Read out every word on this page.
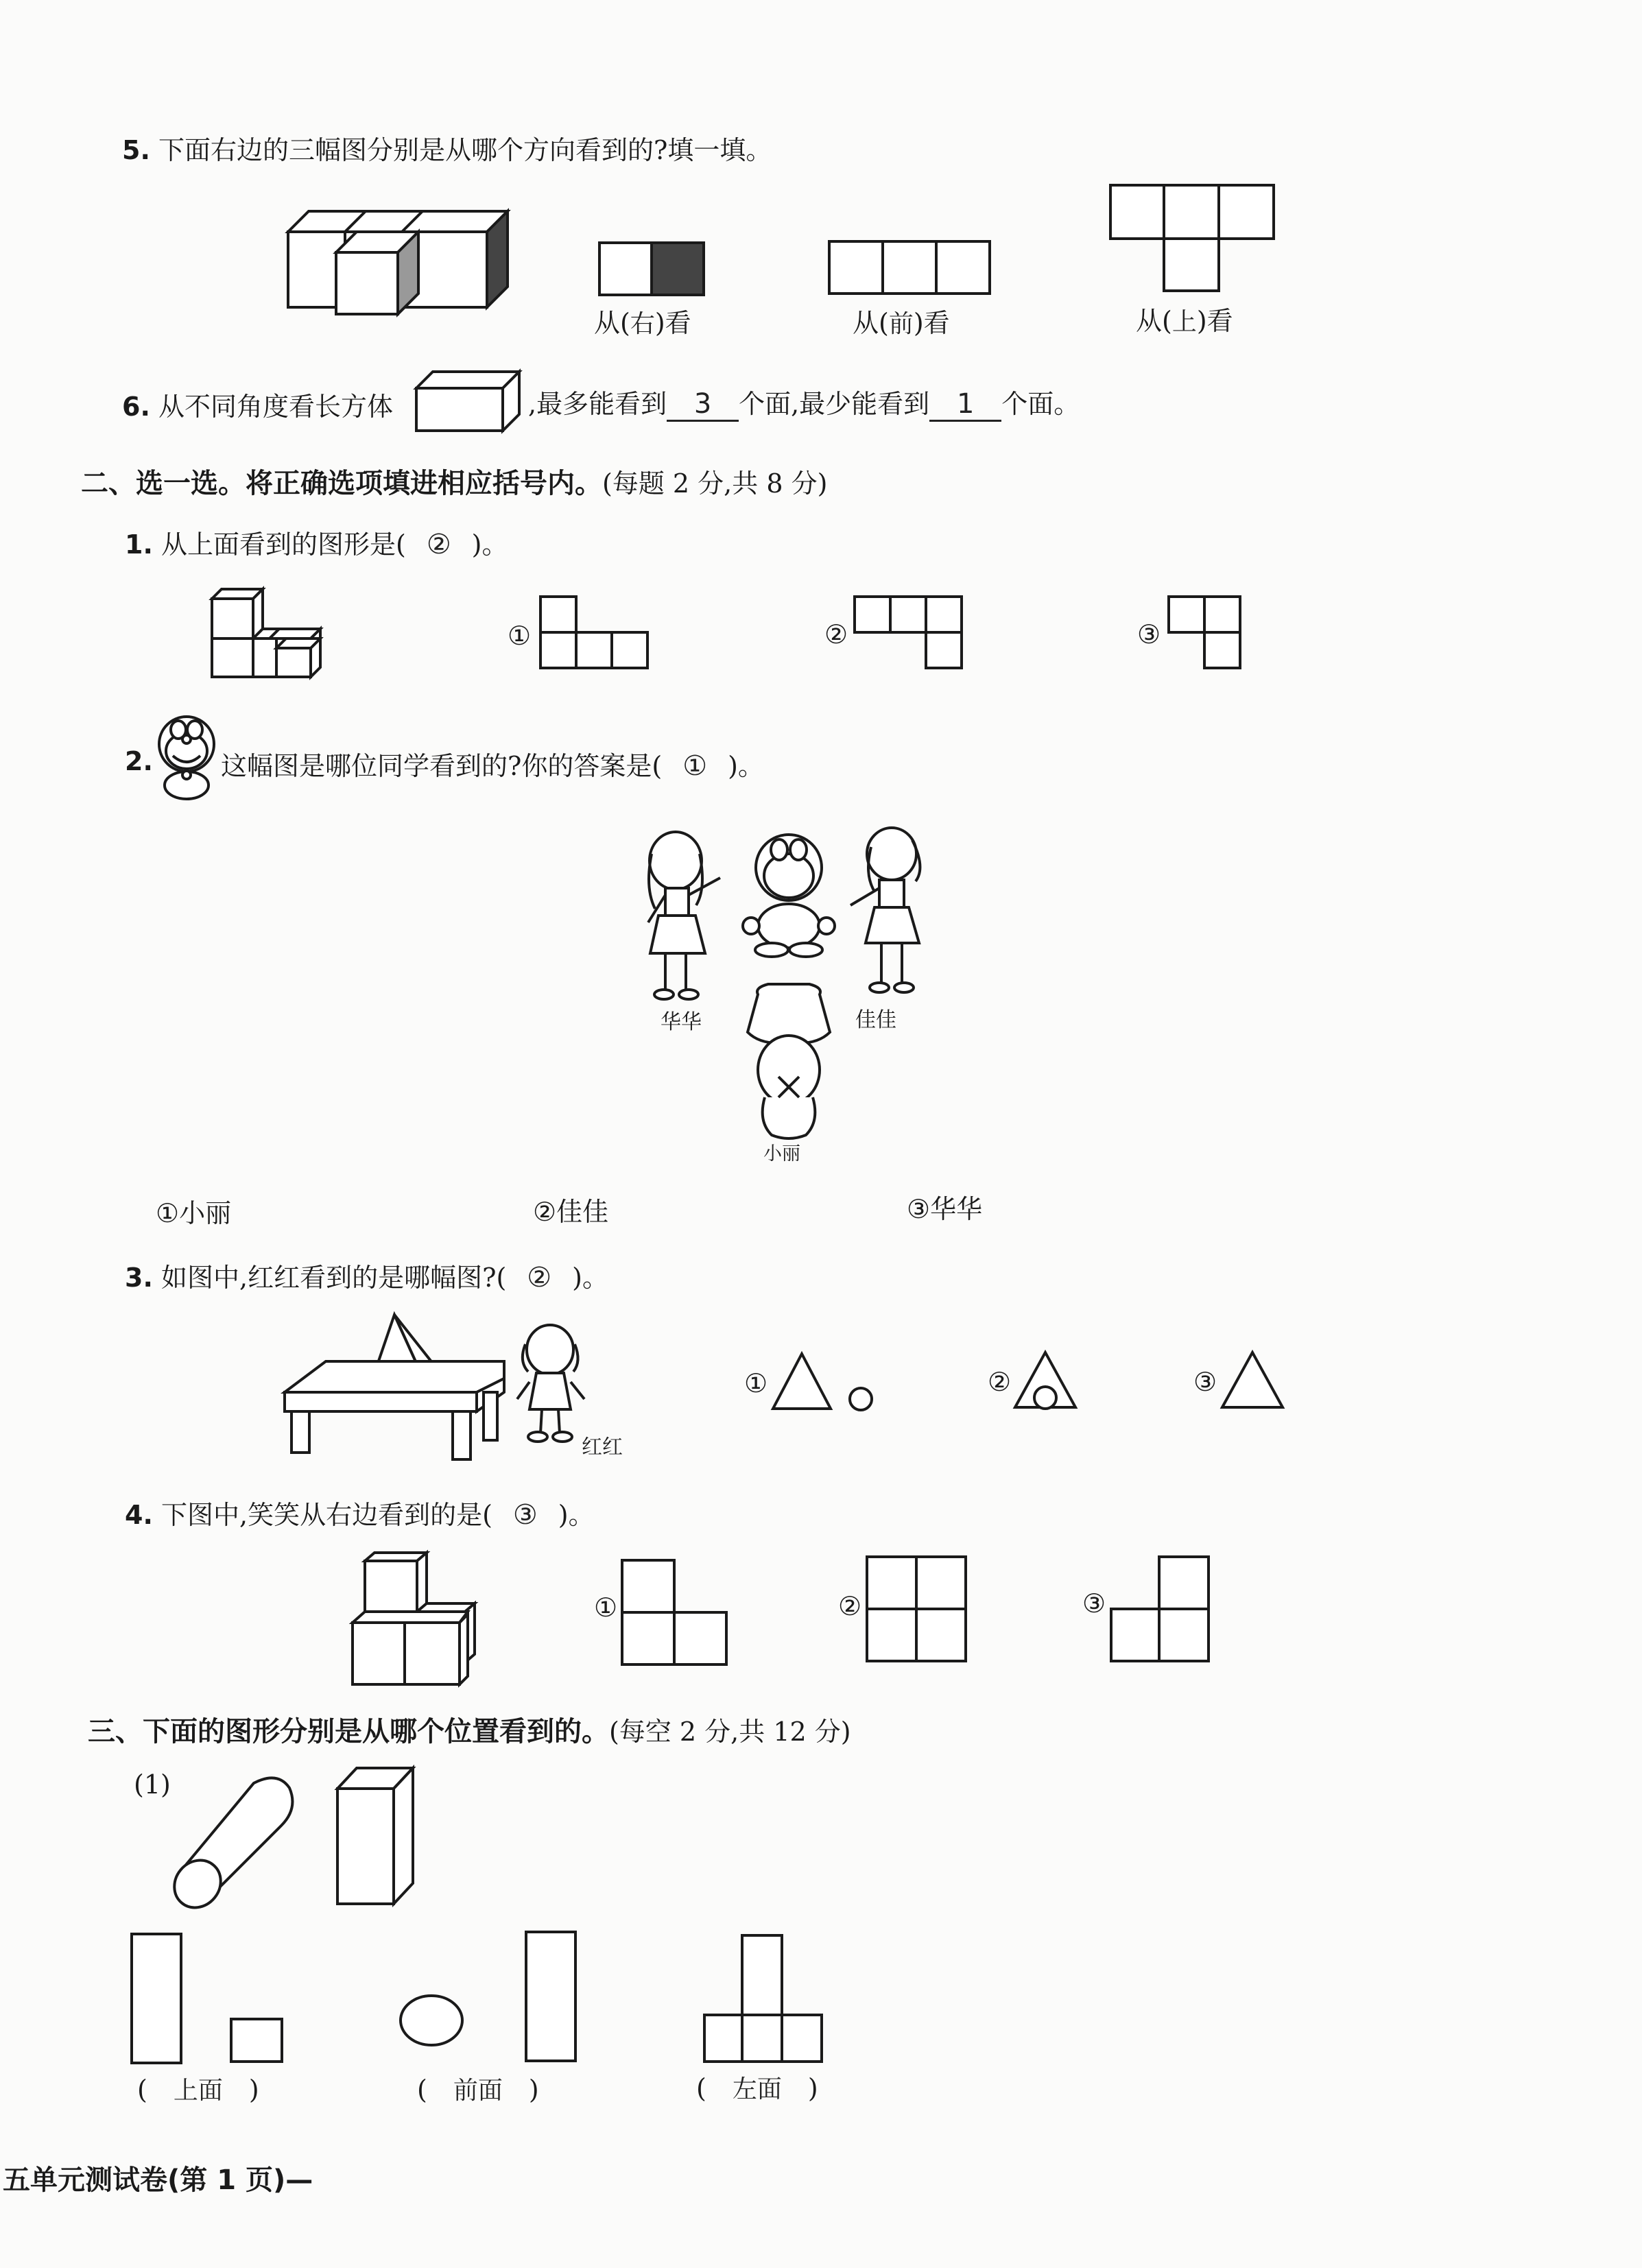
5. 下面右边的三幅图分别是从哪个方向看到的?填一填。
从(右)看	从(前)看	从(上)看
6. 从不同角度看长方体	,最多能看到 3 个面,最少能看到 1 个面。
二、选一选。将正确选项填进相应括号内。(每题 2 分,共 8 分)
1. 从上面看到的图形是( ② )。
①	②	③
2.	这幅图是哪位同学看到的?你的答案是( ① )。
华华	佳佳
小丽
①小丽	②佳佳	③华华
3. 如图中,红红看到的是哪幅图?( ② )。
红红
①	②	③
4. 下图中,笑笑从右边看到的是( ③ )。
①	②	③
三、下面的图形分别是从哪个位置看到的。(每空 2 分,共 12 分)
(1)
( 上面 )	( 前面 )	( 左面 )
五单元测试卷(第 1 页)—
